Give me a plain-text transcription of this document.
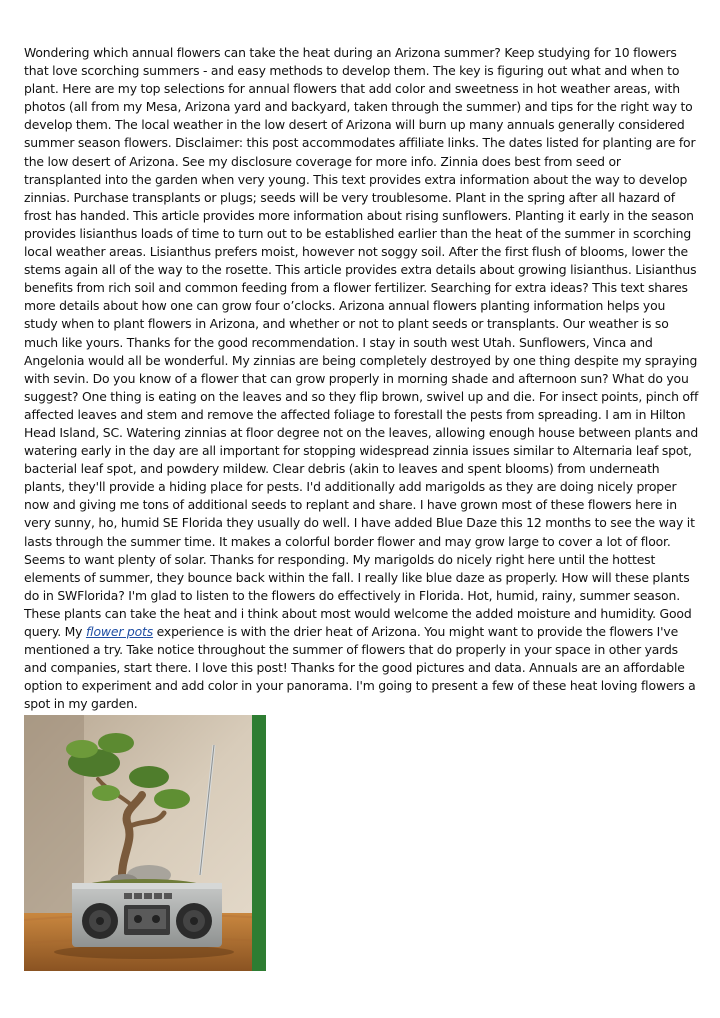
Wondering which annual flowers can take the heat during an Arizona summer? Keep studying for 10 flowers that love scorching summers - and easy methods to develop them. The key is figuring out what and when to plant. Here are my top selections for annual flowers that add color and sweetness in hot weather areas, with photos (all from my Mesa, Arizona yard and backyard, taken through the summer) and tips for the right way to develop them. The local weather in the low desert of Arizona will burn up many annuals generally considered summer season flowers. Disclaimer: this post accommodates affiliate links. The dates listed for planting are for the low desert of Arizona. See my disclosure coverage for more info. Zinnia does best from seed or transplanted into the garden when very young. This text provides extra information about the way to develop zinnias. Purchase transplants or plugs; seeds will be very troublesome. Plant in the spring after all hazard of frost has handed. This article provides more information about rising sunflowers. Planting it early in the season provides lisianthus loads of time to turn out to be established earlier than the heat of the summer in scorching local weather areas. Lisianthus prefers moist, however not soggy soil. After the first flush of blooms, lower the stems again all of the way to the rosette. This article provides extra details about growing lisianthus. Lisianthus benefits from rich soil and common feeding from a flower fertilizer. Searching for extra ideas? This text shares more details about how one can grow four o’clocks. Arizona annual flowers planting information helps you study when to plant flowers in Arizona, and whether or not to plant seeds or transplants. Our weather is so much like yours. Thanks for the good recommendation. I stay in south west Utah. Sunflowers, Vinca and Angelonia would all be wonderful. My zinnias are being completely destroyed by one thing despite my spraying with sevin. Do you know of a flower that can grow properly in morning shade and afternoon sun? What do you suggest? One thing is eating on the leaves and so they flip brown, swivel up and die. For insect points, pinch off affected leaves and stem and remove the affected foliage to forestall the pests from spreading. I am in Hilton Head Island, SC. Watering zinnias at floor degree not on the leaves, allowing enough house between plants and watering early in the day are all important for stopping widespread zinnia issues similar to Alternaria leaf spot, bacterial leaf spot, and powdery mildew. Clear debris (akin to leaves and spent blooms) from underneath plants, they'll provide a hiding place for pests. I'd additionally add marigolds as they are doing nicely proper now and giving me tons of additional seeds to replant and share. I have grown most of these flowers here in very sunny, ho, humid SE Florida they usually do well. I have added Blue Daze this 12 months to see the way it lasts through the summer time. It makes a colorful border flower and may grow large to cover a lot of floor. Seems to want plenty of solar. Thanks for responding. My marigolds do nicely right here until the hottest elements of summer, they bounce back within the fall. I really like blue daze as properly. How will these plants do in SWFlorida? I'm glad to listen to the flowers do effectively in Florida. Hot, humid, rainy, summer season. These plants can take the heat and i think about most would welcome the added moisture and humidity. Good query. My flower pots experience is with the drier heat of Arizona. You might want to provide the flowers I've mentioned a try. Take notice throughout the summer of flowers that do properly in your space in other yards and companies, start there. I love this post! Thanks for the good pictures and data. Annuals are an affordable option to experiment and add color in your panorama. I'm going to present a few of these heat loving flowers a spot in my garden.
